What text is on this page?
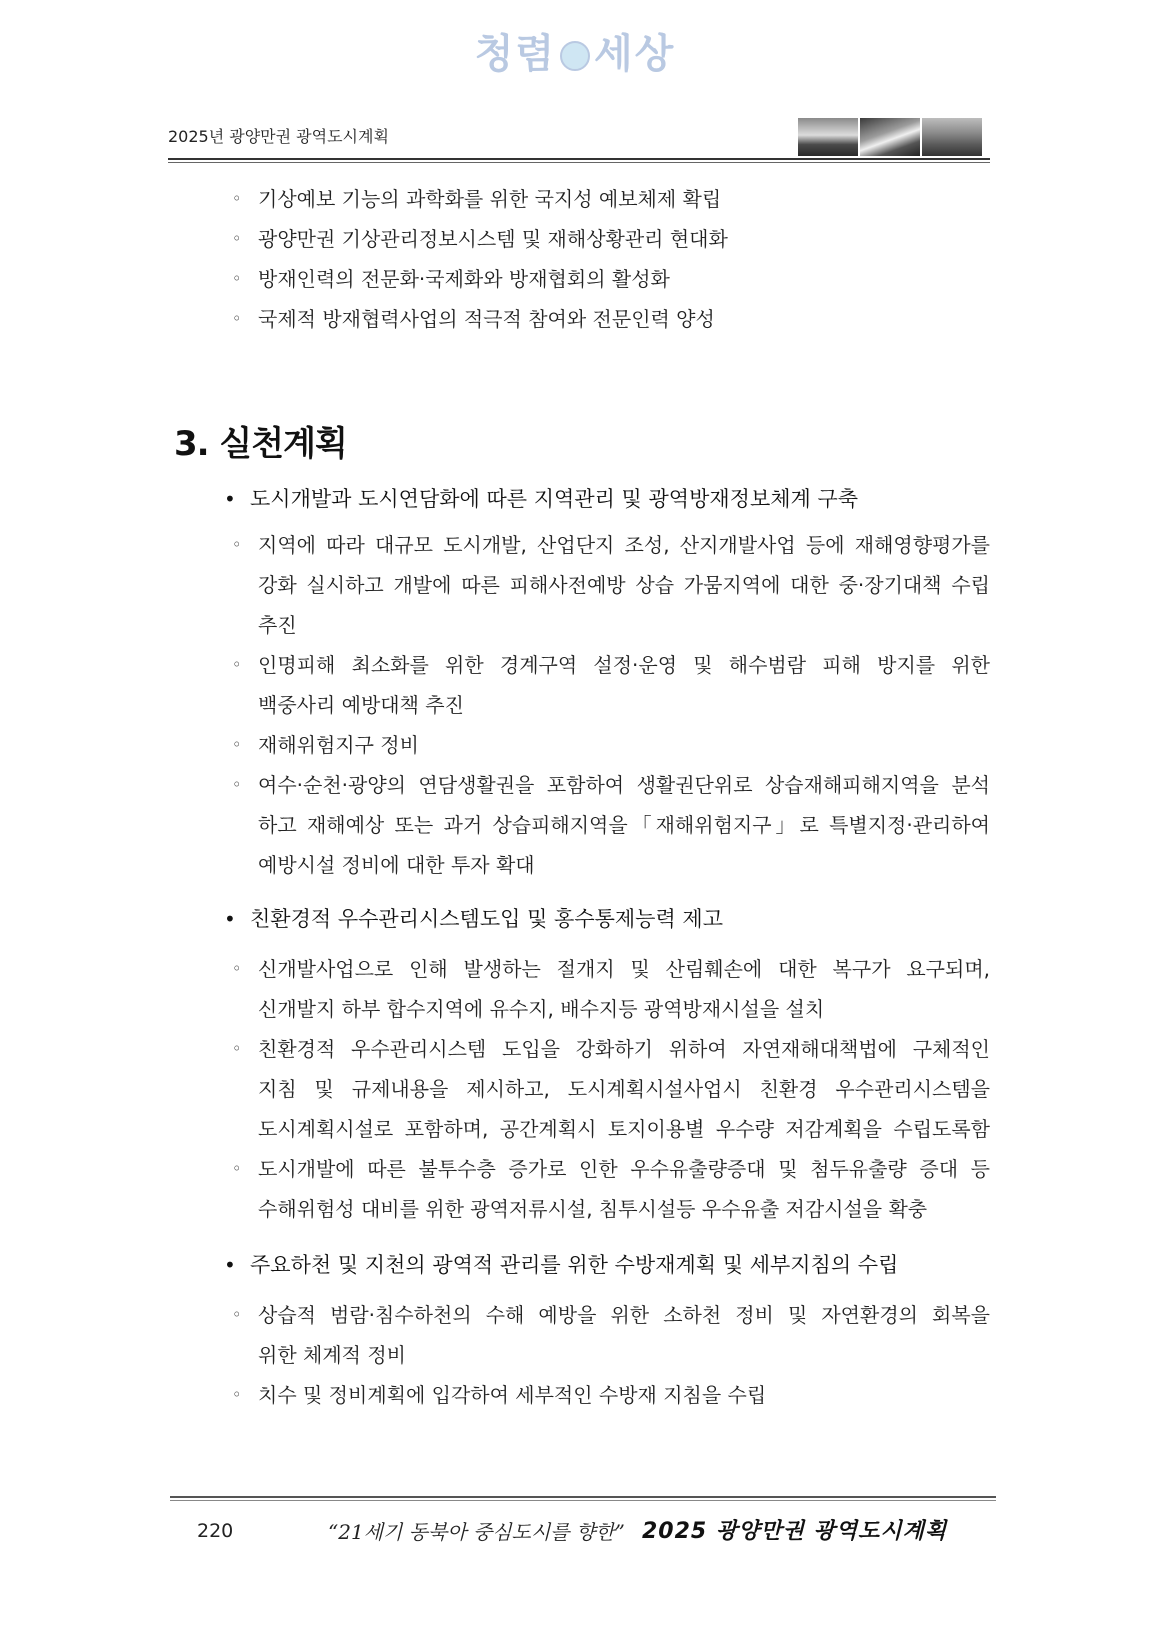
청렴 세상
2025년 광양만권 광역도시계획
◦ 기상예보 기능의 과학화를 위한 국지성 예보체제 확립
◦ 광양만권 기상관리정보시스템 및 재해상황관리 현대화
◦ 방재인력의 전문화·국제화와 방재협회의 활성화
◦ 국제적 방재협력사업의 적극적 참여와 전문인력 양성
3. 실천계획
• 도시개발과 도시연담화에 따른 지역관리 및 광역방재정보체계 구축
◦ 지역에 따라 대규모 도시개발, 산업단지 조성, 산지개발사업 등에 재해영향평가를
강화 실시하고 개발에 따른 피해사전예방 상습 가뭄지역에 대한 중·장기대책 수립
추진
◦ 인명피해 최소화를 위한 경계구역 설정·운영 및 해수범람 피해 방지를 위한
백중사리 예방대책 추진
◦ 재해위험지구 정비
◦ 여수·순천·광양의 연담생활권을 포함하여 생활권단위로 상습재해피해지역을 분석
하고 재해예상 또는 과거 상습피해지역을「재해위험지구」로 특별지정·관리하여
예방시설 정비에 대한 투자 확대
• 친환경적 우수관리시스템도입 및 홍수통제능력 제고
◦ 신개발사업으로 인해 발생하는 절개지 및 산림훼손에 대한 복구가 요구되며,
신개발지 하부 합수지역에 유수지, 배수지등 광역방재시설을 설치
◦ 친환경적 우수관리시스템 도입을 강화하기 위하여 자연재해대책법에 구체적인
지침 및 규제내용을 제시하고, 도시계획시설사업시 친환경 우수관리시스템을
도시계획시설로 포함하며, 공간계획시 토지이용별 우수량 저감계획을 수립도록함
◦ 도시개발에 따른 불투수층 증가로 인한 우수유출량증대 및 첨두유출량 증대 등
수해위험성 대비를 위한 광역저류시설, 침투시설등 우수유출 저감시설을 확충
• 주요하천 및 지천의 광역적 관리를 위한 수방재계획 및 세부지침의 수립
◦ 상습적 범람·침수하천의 수해 예방을 위한 소하천 정비 및 자연환경의 회복을
위한 체계적 정비
◦ 치수 및 정비계획에 입각하여 세부적인 수방재 지침을 수립
220	“21세기 동북아 중심도시를 향한” 2025 광양만권 광역도시계획
